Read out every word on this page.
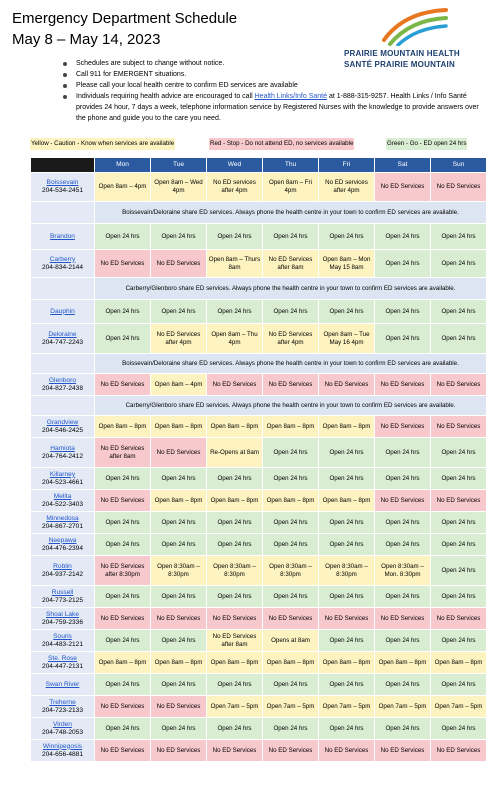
Emergency Department Schedule
May 8 – May 14, 2023
PRAIRIE MOUNTAIN HEALTH
SANTÉ PRAIRIE MOUNTAIN
Schedules are subject to change without notice.
Call 911 for EMERGENT situations.
Please call your local health centre to confirm ED services are available
Individuals requiring health advice are encouraged to call Health Links/Info Santé at 1-888-315-9257. Health Links / Info Santé provides 24 hour, 7 days a week, telephone information service by Registered Nurses with the knowledge to provide answers over the phone and guide you to the care you need.
Yellow - Caution - Know when services are available	Red - Stop - Do not attend ED, no services available	Green - Go - ED open 24 hrs
	Mon	Tue	Wed	Thu	Fri	Sat	Sun

Boissevain
204-534-2451	Open 8am – 4pm	Open 8am – Wed 4pm	No ED services after 4pm	Open 8am – Fri 4pm	No ED services after 4pm	No ED Services	No ED Services
	Boissevain/Deloraine share ED services. Always phone the health centre in your town to confirm ED services are available.						

Brandon	Open 24 hrs	Open 24 hrs	Open 24 hrs	Open 24 hrs	Open 24 hrs	Open 24 hrs	Open 24 hrs

Carberry
204-834-2144	No ED Services	No ED Services	Open 8am – Thurs 8am	No ED Services after 8am	Open 8am – Mon May 15 8am	Open 24 hrs	Open 24 hrs
	Carberry/Glenboro share ED services. Always phone the health centre in your town to confirm ED services are available.						

Dauphin	Open 24 hrs	Open 24 hrs	Open 24 hrs	Open 24 hrs	Open 24 hrs	Open 24 hrs	Open 24 hrs

Deloraine
204-747-2243	Open 24 hrs	No ED Services after 4pm	Open 8am – Thu 4pm	No ED Services after 4pm	Open 8am – Tue May 16 4pm	Open 24 hrs	Open 24 hrs
	Boissevain/Deloraine share ED services. Always phone the health centre in your town to confirm ED services are available.						

Glenboro
204-827-2438	No ED Services	Open 8am – 4pm	No ED Services	No ED Services	No ED Services	No ED Services	No ED Services
	Carberry/Glenboro share ED services. Always phone the health centre in your town to confirm ED services are available.						

Grandview
204-546-2425	Open 8am – 8pm	Open 8am – 8pm	Open 8am – 8pm	Open 8am – 8pm	Open 8am – 8pm	No ED Services	No ED Services

Hamiota
204-764-2412	No ED Services after 8am	No ED Services	Re-Opens at 8am	Open 24 hrs	Open 24 hrs	Open 24 hrs	Open 24 hrs

Killarney
204-523-4661	Open 24 hrs	Open 24 hrs	Open 24 hrs	Open 24 hrs	Open 24 hrs	Open 24 hrs	Open 24 hrs

Melita
204-522-3403	No ED Services	Open 8am – 8pm	Open 8am – 8pm	Open 8am – 8pm	Open 8am – 8pm	No ED Services	No ED Services

Minnedosa
204-867-2701	Open 24 hrs	Open 24 hrs	Open 24 hrs	Open 24 hrs	Open 24 hrs	Open 24 hrs	Open 24 hrs

Neepawa
204-476-2394	Open 24 hrs	Open 24 hrs	Open 24 hrs	Open 24 hrs	Open 24 hrs	Open 24 hrs	Open 24 hrs

Roblin
204-937-2142	No ED Services after 8:30pm	Open 8:30am – 8:30pm	Open 8:30am – 8:30pm	Open 8:30am – 8:30pm	Open 8:30am – 8:30pm	Open 8:30am – Mon. 8:30pm	Open 24 hrs

Russell
204-773-2125	Open 24 hrs	Open 24 hrs	Open 24 hrs	Open 24 hrs	Open 24 hrs	Open 24 hrs	Open 24 hrs

Shoal Lake
204-759-2336	No ED Services	No ED Services	No ED Services	No ED Services	No ED Services	No ED Services	No ED Services

Souris
204-483-2121	Open 24 hrs	Open 24 hrs	No ED Services after 8am	Opens at 8am	Open 24 hrs	Open 24 hrs	Open 24 hrs

Ste. Rose
204-447-2131	Open 8am – 8pm	Open 8am – 8pm	Open 8am – 8pm	Open 8am – 8pm	Open 8am – 8pm	Open 8am – 8pm	Open 8am – 8pm

Swan River	Open 24 hrs	Open 24 hrs	Open 24 hrs	Open 24 hrs	Open 24 hrs	Open 24 hrs	Open 24 hrs

Treherne
204-723-2133	No ED Services	No ED Services	Open 7am – 5pm	Open 7am – 5pm	Open 7am – 5pm	Open 7am – 5pm	Open 7am – 5pm

Virden
204-748-2053	Open 24 hrs	Open 24 hrs	Open 24 hrs	Open 24 hrs	Open 24 hrs	Open 24 hrs	Open 24 hrs

Winnipegosis
204-656-4881	No ED Services	No ED Services	No ED Services	No ED Services	No ED Services	No ED Services	No ED Services
